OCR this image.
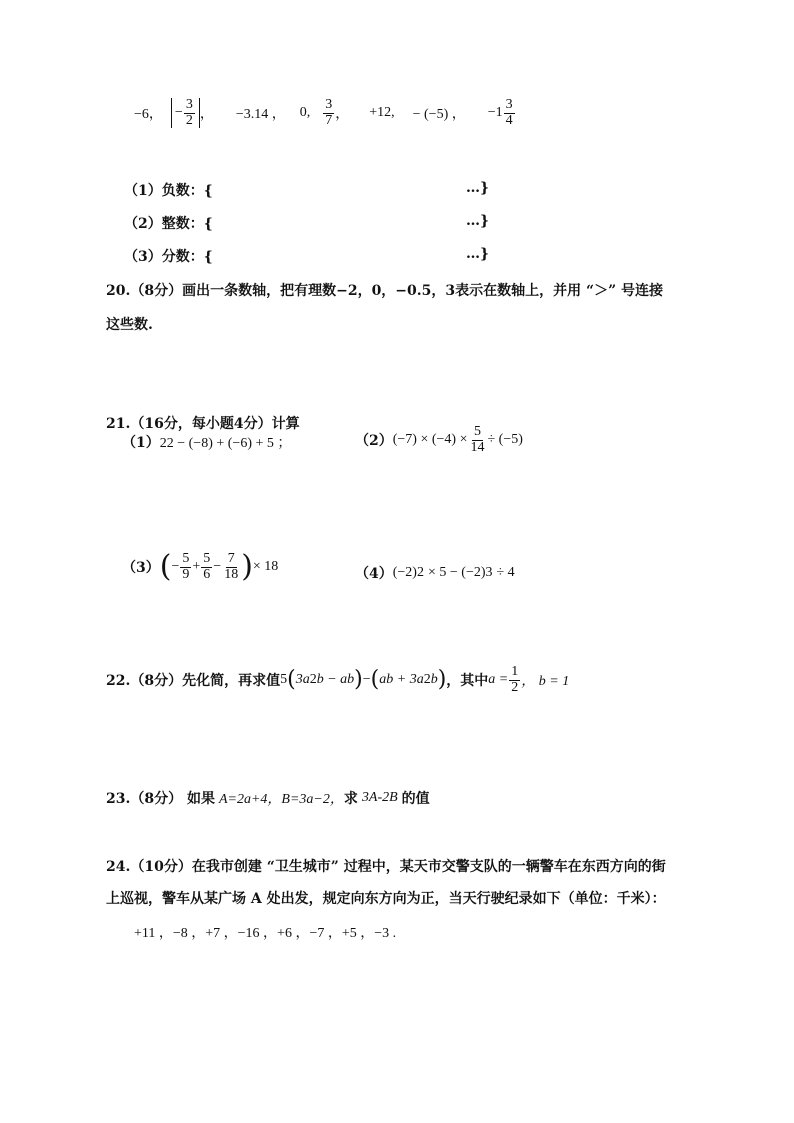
−6， − $\frac{3}{2}$ ， −3.14 ， 0, $\frac{3}{7}$ ， +12, − (−5) ， $-1 \frac{3}{4}$
（1）负数：{	…}
（2）整数：{	…}
（3）分数：{	…}
20.（8分）画出一条数轴，把有理数−2，0，−0.5，3表示在数轴上，并用 “＞” 号连接
这些数.
21.（16分，每小题4分）计算
（1） 22 − (−8) + (−6) + 5 ；	（2） $(-7) \times (-4) \times \frac{5}{14} \div (-5)$
（3） ( − $\frac{5}{9} + \frac{5}{6} - \frac{7}{18}$ ) × 18	（4） (−2) 2 × 5 − (−2) 3 ÷ 4
22.（8分）先化简，再求值 5 ( 3a 2 b − ab ) − ( ab + 3a 2 b ) ，其中 $a = \frac{1}{2}$ ， b = 1
23.（8分） 如果 A=2a+4，B=3a−2， 求 3A-2B 的值
24.（10分）在我市创建 “卫生城市” 过程中，某天市交警支队的一辆警车在东西方向的街
上巡视，警车从某广场 A 处出发，规定向东方向为正，当天行驶纪录如下（单位：千米）：
+11 ，−8 ，+7 ，−16 ，+6 ，−7 ，+5 ，−3 .
